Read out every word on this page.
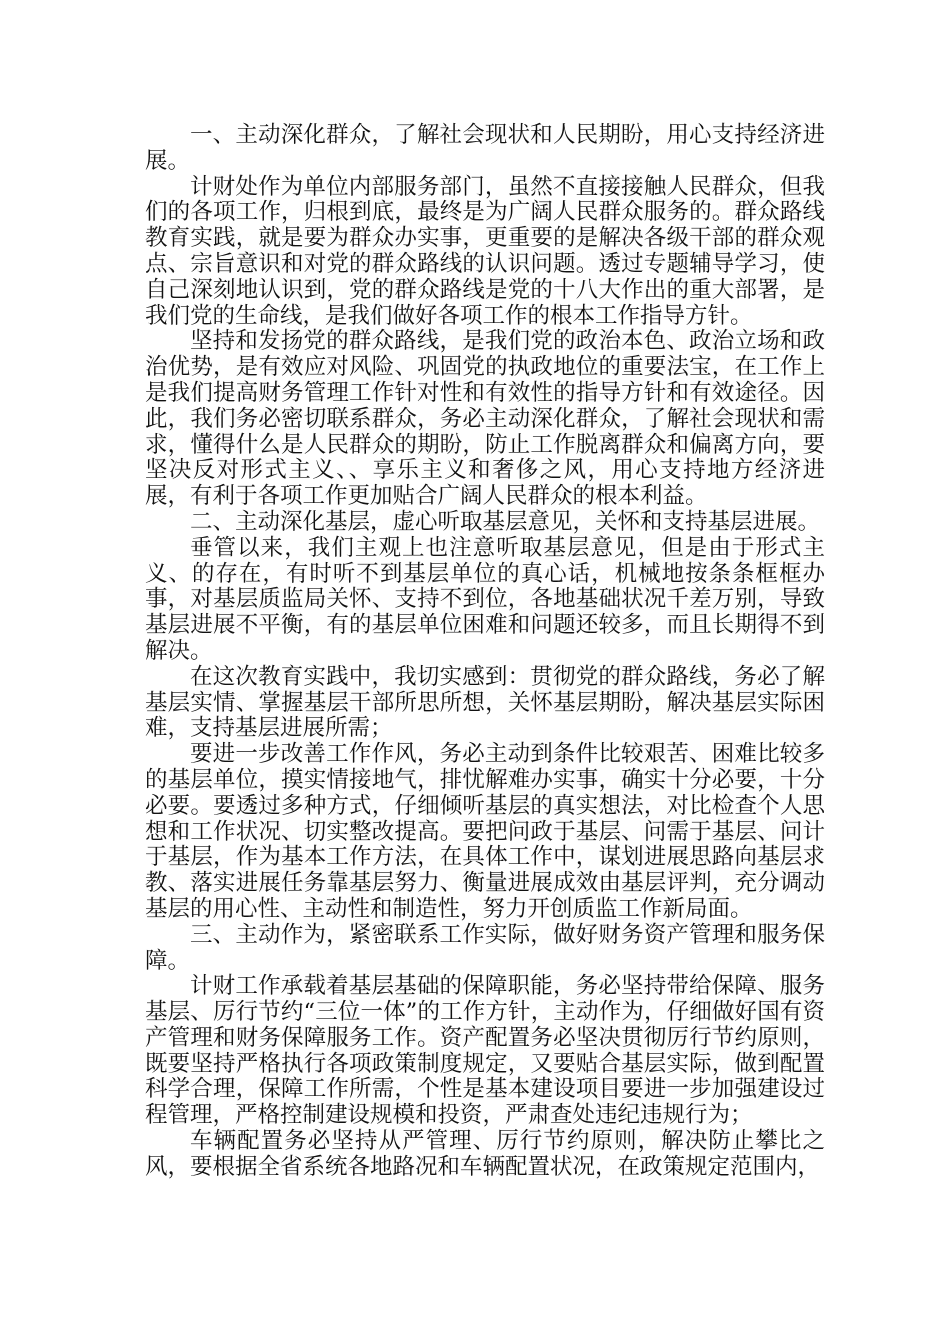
一、主动深化群众，了解社会现状和人民期盼，用心支持经济进展。

计财处作为单位内部服务部门，虽然不直接接触人民群众，但我们的各项工作，归根到底，最终是为广阔人民群众服务的。群众路线教育实践，就是要为群众办实事，更重要的是解决各级干部的群众观点、宗旨意识和对党的群众路线的认识问题。透过专题辅导学习，使自己深刻地认识到，党的群众路线是党的十八大作出的重大部署，是我们党的生命线，是我们做好各项工作的根本工作指导方针。

坚持和发扬党的群众路线，是我们党的政治本色、政治立场和政治优势，是有效应对风险、巩固党的执政地位的重要法宝，在工作上是我们提高财务管理工作针对性和有效性的指导方针和有效途径。因此，我们务必密切联系群众，务必主动深化群众，了解社会现状和需求，懂得什么是人民群众的期盼，防止工作脱离群众和偏离方向，要坚决反对形式主义、、享乐主义和奢侈之风，用心支持地方经济进展，有利于各项工作更加贴合广阔人民群众的根本利益。

二、主动深化基层，虚心听取基层意见，关怀和支持基层进展。

垂管以来，我们主观上也注意听取基层意见，但是由于形式主义、的存在，有时听不到基层单位的真心话，机械地按条条框框办事，对基层质监局关怀、支持不到位，各地基础状况千差万别，导致基层进展不平衡，有的基层单位困难和问题还较多，而且长期得不到解决。

在这次教育实践中，我切实感到：贯彻党的群众路线，务必了解基层实情、掌握基层干部所思所想，关怀基层期盼，解决基层实际困难，支持基层进展所需；

要进一步改善工作作风，务必主动到条件比较艰苦、困难比较多的基层单位，摸实情接地气，排忧解难办实事，确实十分必要，十分必要。要透过多种方式，仔细倾听基层的真实想法，对比检查个人思想和工作状况、切实整改提高。要把问政于基层、问需于基层、问计于基层，作为基本工作方法，在具体工作中，谋划进展思路向基层求教、落实进展任务靠基层努力、衡量进展成效由基层评判，充分调动基层的用心性、主动性和制造性，努力开创质监工作新局面。

三、主动作为，紧密联系工作实际，做好财务资产管理和服务保障。

计财工作承载着基层基础的保障职能，务必坚持带给保障、服务基层、厉行节约“三位一体”的工作方针，主动作为，仔细做好国有资产管理和财务保障服务工作。资产配置务必坚决贯彻厉行节约原则，既要坚持严格执行各项政策制度规定，又要贴合基层实际，做到配置科学合理，保障工作所需，个性是基本建设项目要进一步加强建设过程管理，严格控制建设规模和投资，严肃查处违纪违规行为；

车辆配置务必坚持从严管理、厉行节约原则，解决防止攀比之风，要根据全省系统各地路况和车辆配置状况，在政策规定范围内，
